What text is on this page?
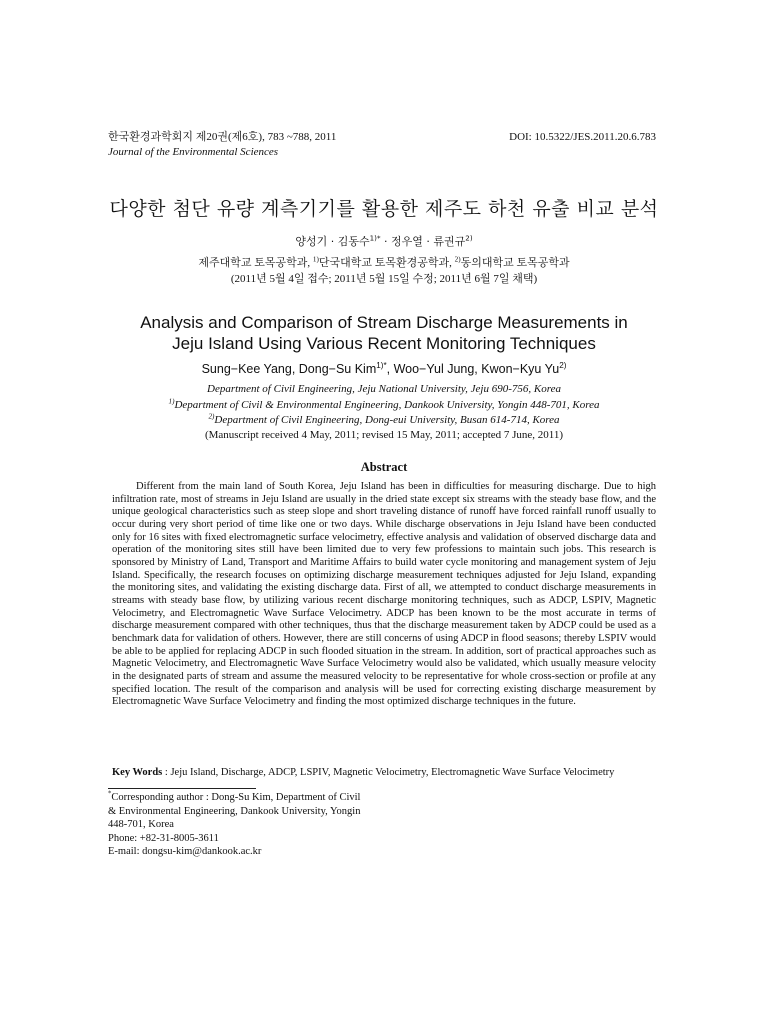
한국환경과학회지 제20권(제6호), 783 ~788, 2011
Journal of the Environmental Sciences
DOI: 10.5322/JES.2011.20.6.783
다양한 첨단 유량 계측기기를 활용한 제주도 하천 유출 비교 분석
양성기 · 김동수$^{1)*}$ · 정우열 · 류권규$^{2)}$
제주대학교 토목공학과, $^{1)}$단국대학교 토목환경공학과, $^{2)}$동의대학교 토목공학과
(2011년 5월 4일 접수; 2011년 5월 15일 수정; 2011년 6월 7일 채택)
Analysis and Comparison of Stream Discharge Measurements in
Jeju Island Using Various Recent Monitoring Techniques
Sung−Kee Yang, Dong−Su Kim$^{1)*}$, Woo−Yul Jung, Kwon−Kyu Yu$^{2)}$
Department of Civil Engineering, Jeju National University, Jeju 690-756, Korea
$^{1)}$Department of Civil & Environmental Engineering, Dankook University, Yongin 448-701, Korea
$^{2)}$Department of Civil Engineering, Dong-eui University, Busan 614-714, Korea
(Manuscript received 4 May, 2011; revised 15 May, 2011; accepted 7 June, 2011)
Abstract
Different from the main land of South Korea, Jeju Island has been in difficulties for measuring discharge. Due to high infiltration rate, most of streams in Jeju Island are usually in the dried state except six streams with the steady base flow, and the unique geological characteristics such as steep slope and short traveling distance of runoff have forced rainfall runoff usually to occur during very short period of time like one or two days. While discharge observations in Jeju Island have been conducted only for 16 sites with fixed electromagnetic surface velocimetry, effective analysis and validation of observed discharge data and operation of the monitoring sites still have been limited due to very few professions to maintain such jobs. This research is sponsored by Ministry of Land, Transport and Maritime Affairs to build water cycle monitoring and management system of Jeju Island. Specifically, the research focuses on optimizing discharge measurement techniques adjusted for Jeju Island, expanding the monitoring sites, and validating the existing discharge data. First of all, we attempted to conduct discharge measurements in streams with steady base flow, by utilizing various recent discharge monitoring techniques, such as ADCP, LSPIV, Magnetic Velocimetry, and Electromagnetic Wave Surface Velocimetry. ADCP has been known to be the most accurate in terms of discharge measurement compared with other techniques, thus that the discharge measurement taken by ADCP could be used as a benchmark data for validation of others. However, there are still concerns of using ADCP in flood seasons; thereby LSPIV would be able to be applied for replacing ADCP in such flooded situation in the stream. In addition, sort of practical approaches such as Magnetic Velocimetry, and Electromagnetic Wave Surface Velocimetry would also be validated, which usually measure velocity in the designated parts of stream and assume the measured velocity to be representative for whole cross-section or profile at any specified location. The result of the comparison and analysis will be used for correcting existing discharge measurement by Electromagnetic Wave Surface Velocimetry and finding the most optimized discharge techniques in the future.
Key Words : Jeju Island, Discharge, ADCP, LSPIV, Magnetic Velocimetry, Electromagnetic Wave Surface Velocimetry
*Corresponding author : Dong-Su Kim, Department of Civil
& Environmental Engineering, Dankook University, Yongin
448-701, Korea
Phone: +82-31-8005-3611
E-mail: dongsu-kim@dankook.ac.kr
